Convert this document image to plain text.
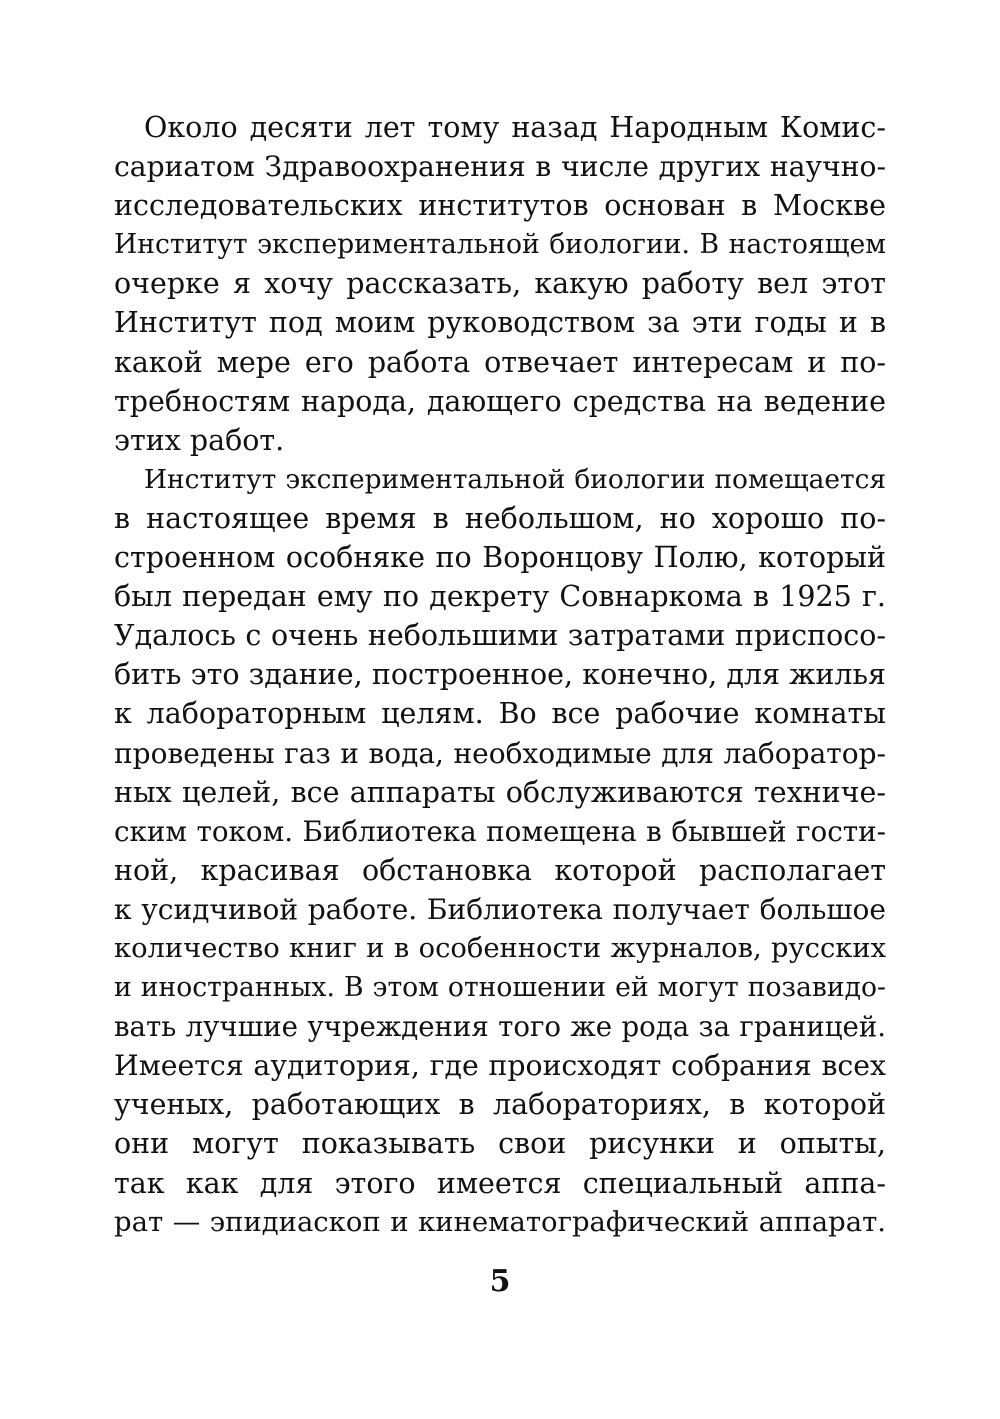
Около десяти лет тому назад Народным Комис-
сариатом Здравоохранения в числе других научно-
исследовательских институтов основан в Москве
Институт экспериментальной биологии. В настоящем
очерке я хочу рассказать, какую работу вел этот
Институт под моим руководством за эти годы и в
какой мере его работа отвечает интересам и по-
требностям народа, дающего средства на ведение
этих работ.
Институт экспериментальной биологии помещается
в настоящее время в небольшом, но хорошо по-
строенном особняке по Воронцову Полю, который
был передан ему по декрету Совнаркома в 1925 г.
Удалось с очень небольшими затратами приспосо-
бить это здание, построенное, конечно, для жилья
к лабораторным целям. Во все рабочие комнаты
проведены газ и вода, необходимые для лаборатор-
ных целей, все аппараты обслуживаются техниче-
ским током. Библиотека помещена в бывшей гости-
ной, красивая обстановка которой располагает
к усидчивой работе. Библиотека получает большое
количество книг и в особенности журналов, русских
и иностранных. В этом отношении ей могут позавидо-
вать лучшие учреждения того же рода за границей.
Имеется аудитория, где происходят собрания всех
ученых, работающих в лабораториях, в которой
они могут показывать свои рисунки и опыты,
так как для этого имеется специальный аппа-
рат — эпидиаскоп и кинематографический аппарат.
5
